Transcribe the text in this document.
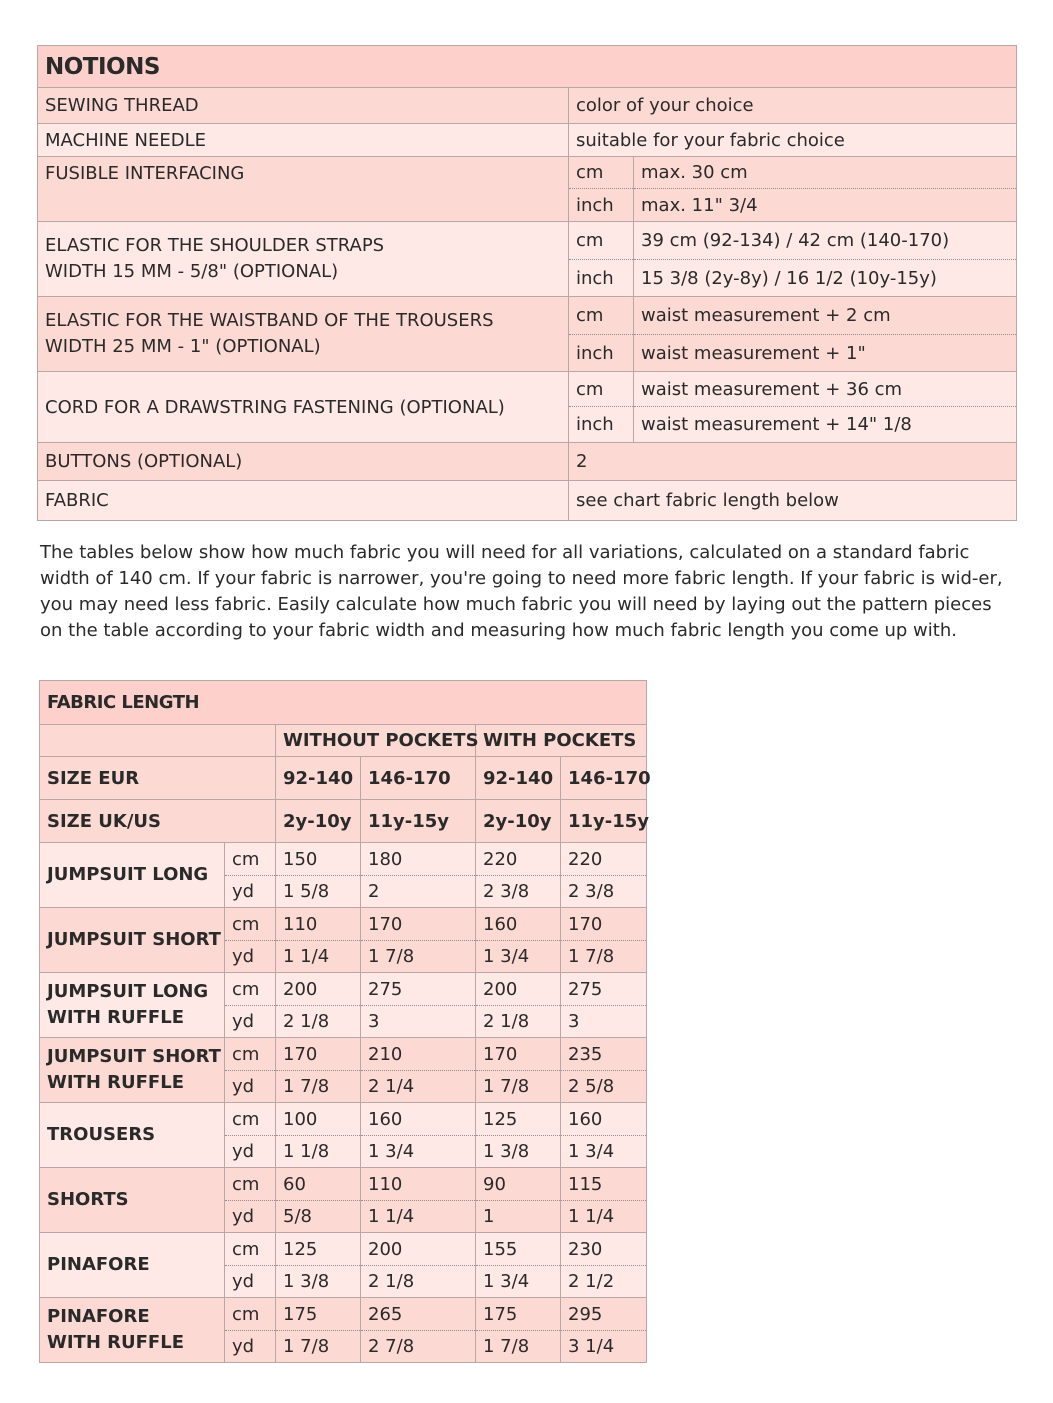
NOTIONS		
SEWING THREAD	color of your choice	
MACHINE NEEDLE	suitable for your fabric choice	
FUSIBLE INTERFACING	cm	max. 30 cm
	inch	max. 11" 3/4

ELASTIC FOR THE SHOULDER STRAPS
WIDTH 15 MM - 5/8" (OPTIONAL)	cm	39 cm (92-134) / 42 cm (140-170)
	inch	15 3/8 (2y-8y) / 16 1/2 (10y-15y)

ELASTIC FOR THE WAISTBAND OF THE TROUSERS
WIDTH 25 MM - 1" (OPTIONAL)	cm	waist measurement + 2 cm
	inch	waist measurement + 1"
CORD FOR A DRAWSTRING FASTENING (OPTIONAL)	cm	waist measurement + 36 cm
	inch	waist measurement + 14" 1/8
BUTTONS (OPTIONAL)	2	
FABRIC	see chart fabric length below	

The tables below show how much fabric you will need for all variations, calculated on a standard fabric width of 140 cm. If your fabric is narrower, you're going to need more fabric length. If your fabric is wid-er, you may need less fabric. Easily calculate how much fabric you will need by laying out the pattern pieces on the table according to your fabric width and measuring how much fabric length you come up with.

FABRIC LENGTH					
		WITHOUT POCKETS		WITH POCKETS	
SIZE EUR		92-140	146-170	92-140	146-170
SIZE UK/US		2y-10y	11y-15y	2y-10y	11y-15y

JUMPSUIT LONG	cm	150	180	220	220
	yd	1 5/8	2	2 3/8	2 3/8

JUMPSUIT SHORT	cm	110	170	160	170
	yd	1 1/4	1 7/8	1 3/4	1 7/8

JUMPSUIT LONG
WITH RUFFLE	cm	200	275	200	275
	yd	2 1/8	3	2 1/8	3

JUMPSUIT SHORT
WITH RUFFLE	cm	170	210	170	235
	yd	1 7/8	2 1/4	1 7/8	2 5/8

TROUSERS	cm	100	160	125	160
	yd	1 1/8	1 3/4	1 3/8	1 3/4

SHORTS	cm	60	110	90	115
	yd	5/8	1 1/4	1	1 1/4

PINAFORE	cm	125	200	155	230
	yd	1 3/8	2 1/8	1 3/4	2 1/2

PINAFORE
WITH RUFFLE	cm	175	265	175	295
	yd	1 7/8	2 7/8	1 7/8	3 1/4
